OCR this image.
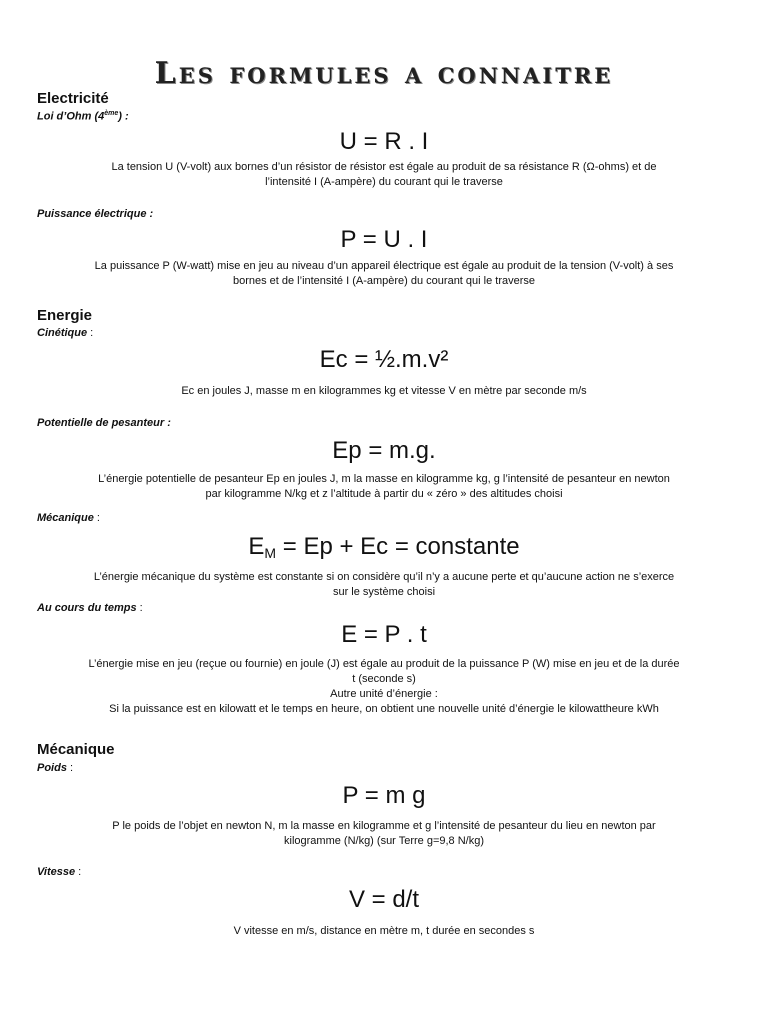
Les formules a connaitre
Electricité

Loi d’Ohm (4ème) :

U = R . I

La tension U (V-volt) aux bornes d’un résistor de résistor est égale au produit de sa résistance R (Ω-ohms) et de
l’intensité I (A-ampère) du courant qui le traverse

Puissance électrique :

P = U . I

La puissance P (W-watt) mise en jeu au niveau d’un appareil électrique est égale au produit de la tension (V-volt) à ses
bornes et de l’intensité I (A-ampère) du courant qui le traverse

Energie

Cinétique :

Ec = ½.m.v²

Ec en joules J, masse m en kilogrammes kg et vitesse V en mètre par seconde m/s

Potentielle de pesanteur :

Ep = m.g.

L’énergie potentielle de pesanteur Ep en joules J, m la masse en kilogramme kg, g l’intensité de pesanteur en newton
par kilogramme N/kg et z l’altitude à partir du « zéro » des altitudes choisi

Mécanique :

$E_M = Ep + Ec$ = constante

L’énergie mécanique du système est constante si on considère qu’il n’y a aucune perte et qu’aucune action ne s’exerce
sur le système choisi

Au cours du temps :

E = P . t

L’énergie mise en jeu (reçue ou fournie) en joule (J) est égale au produit de la puissance P (W) mise en jeu et de la durée
t (seconde s)
Autre unité d’énergie :
Si la puissance est en kilowatt et le temps en heure, on obtient une nouvelle unité d’énergie le kilowattheure kWh

Mécanique

Poids :

P = m g

P le poids de l’objet en newton N, m la masse en kilogramme et g l’intensité de pesanteur du lieu en newton par
kilogramme (N/kg) (sur Terre g=9,8 N/kg)

Vitesse :

V = d/t

V vitesse en m/s, distance en mètre m, t durée en secondes s
